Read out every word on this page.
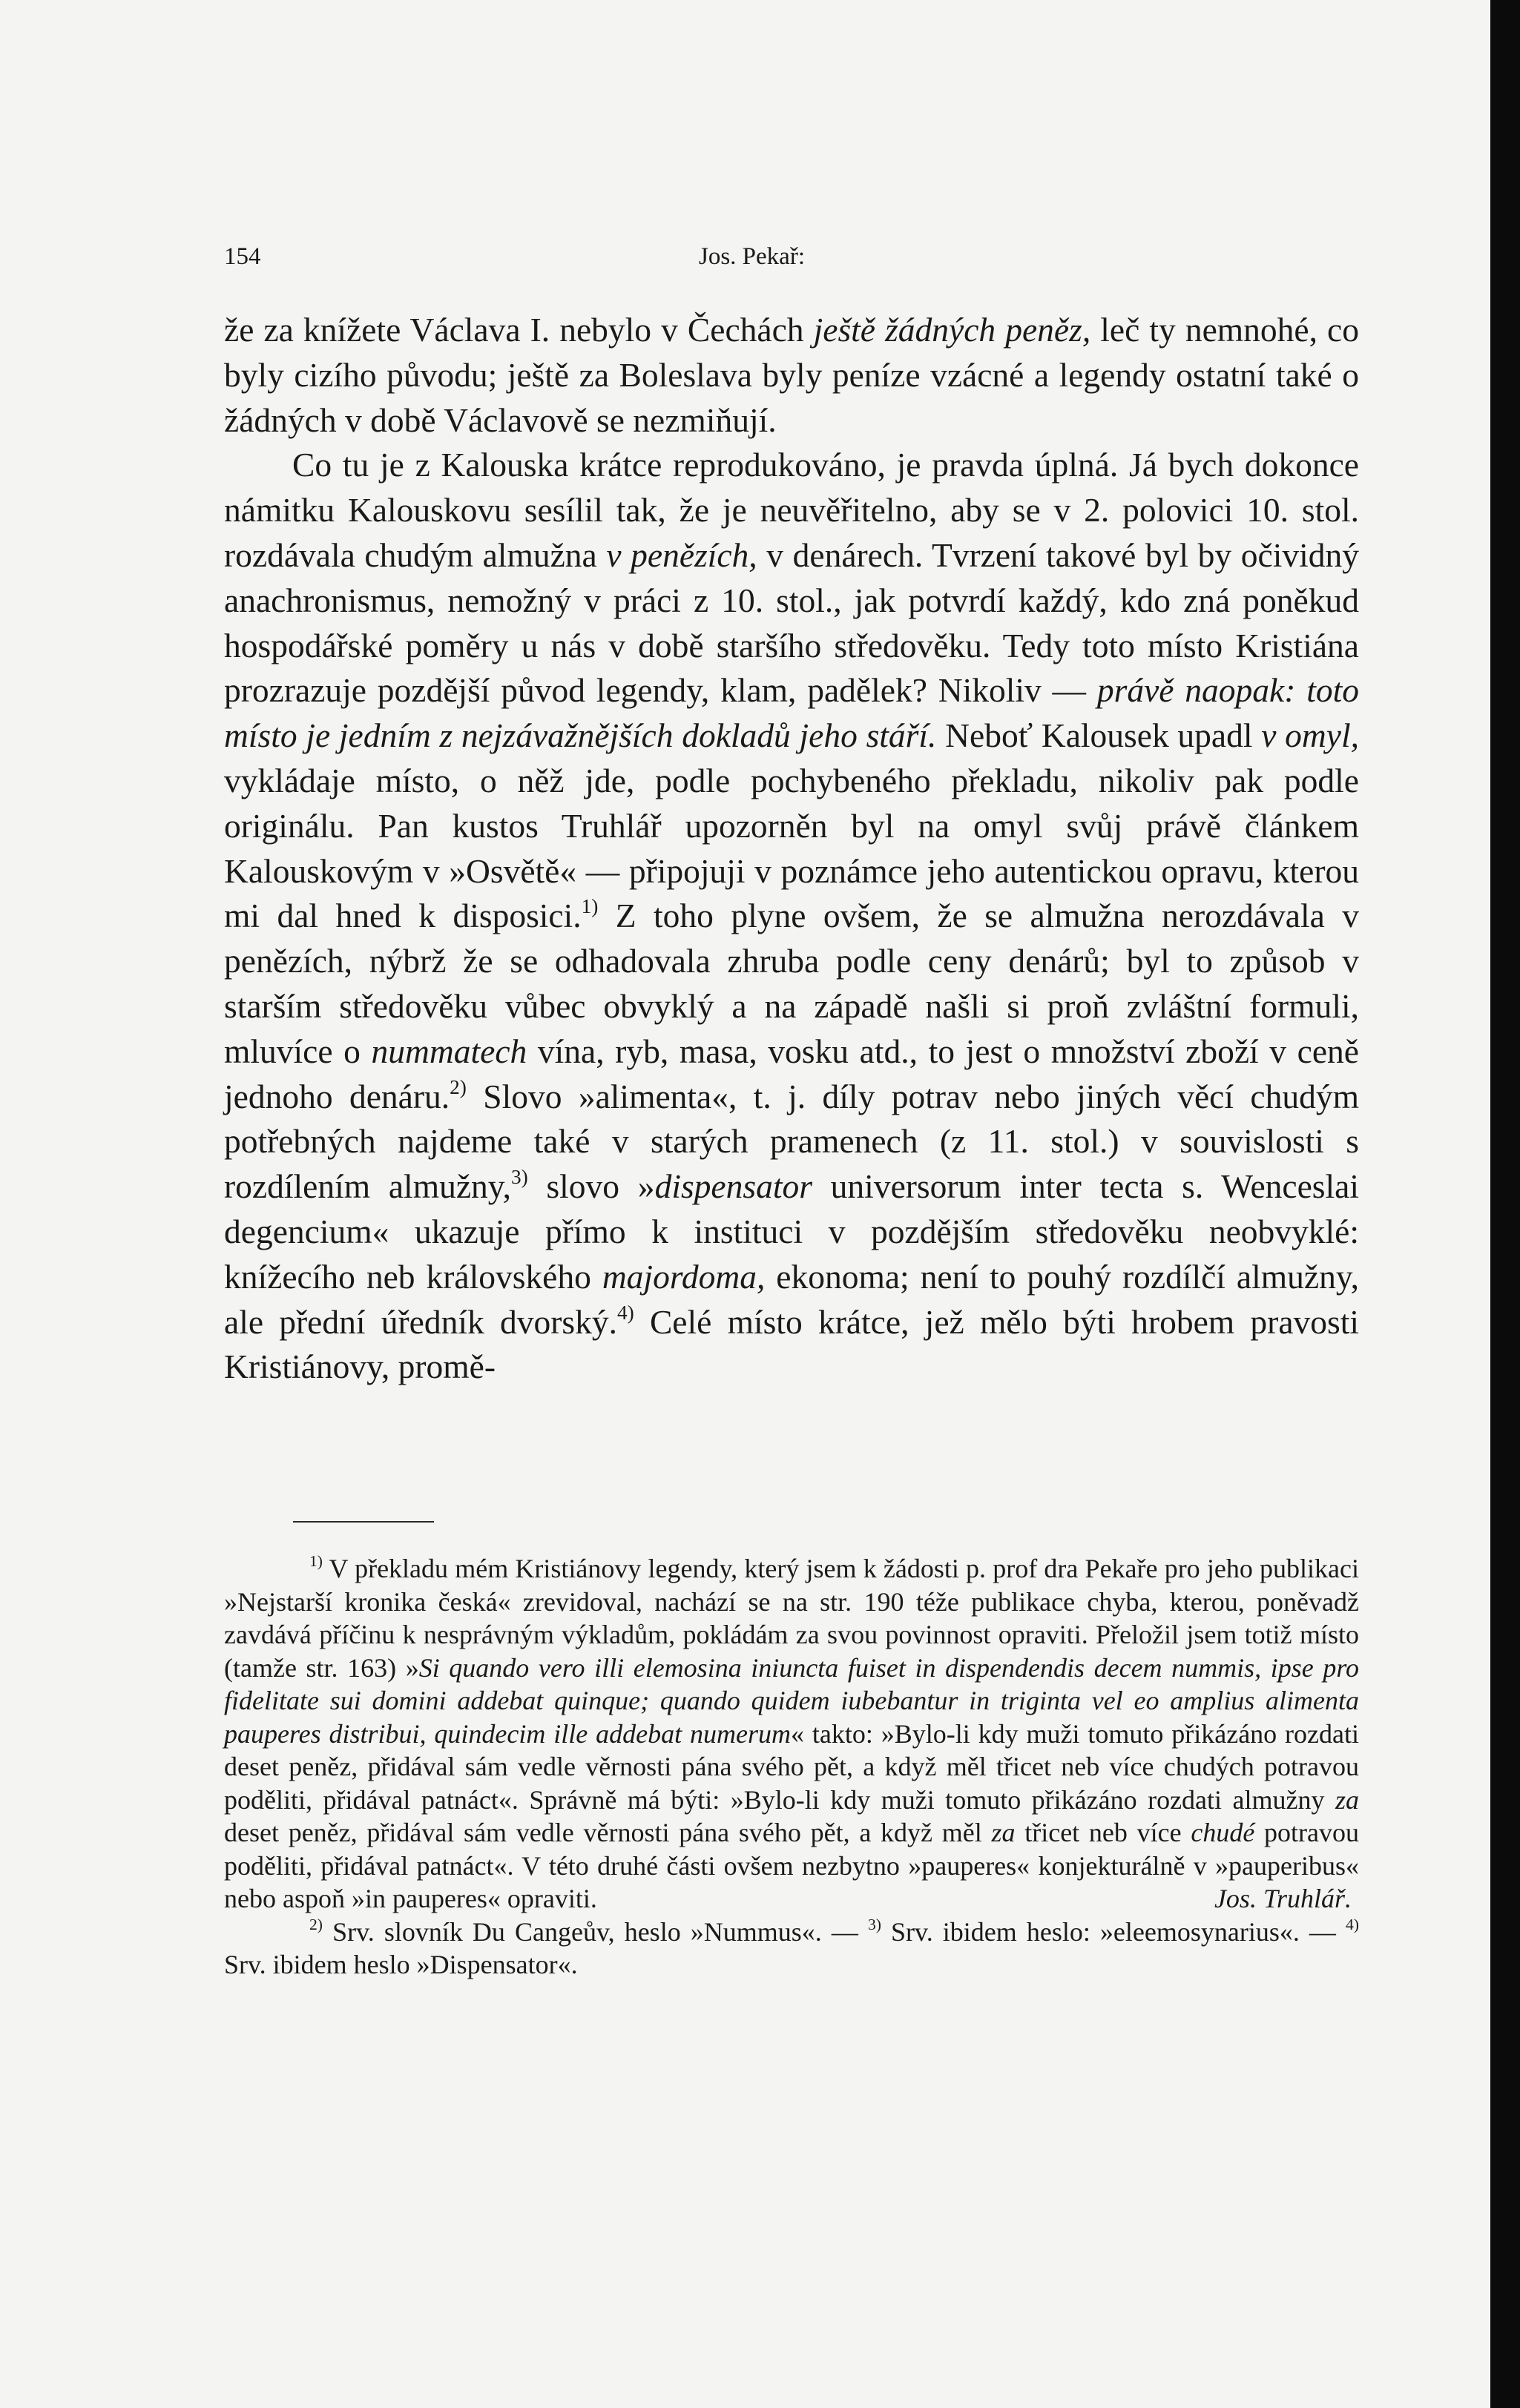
154	Jos. Pekař:

že za knížete Václava I. nebylo v Čechách ještě žádných peněz, leč ty nemnohé, co byly cizího původu; ještě za Boleslava byly peníze vzácné a legendy ostatní také o žádných v době Václavově se nezmiňují.

Co tu je z Kalouska krátce reprodukováno, je pravda úplná. Já bych dokonce námitku Kalouskovu sesílil tak, že je neuvěřitelno, aby se v 2. polovici 10. stol. rozdávala chudým almužna v penězích, v denárech. Tvrzení takové byl by očividný anachronismus, nemožný v práci z 10. stol., jak potvrdí každý, kdo zná poněkud hospodářské poměry u nás v době staršího středověku. Tedy toto místo Kristiána prozrazuje pozdější původ legendy, klam, padělek? Nikoliv — právě naopak: toto místo je jedním z nejzávažnějších dokladů jeho stáří. Neboť Kalousek upadl v omyl, vykládaje místo, o něž jde, podle pochybeného překladu, nikoliv pak podle originálu. Pan kustos Truhlář upozorněn byl na omyl svůj právě článkem Kalouskovým v »Osvětě« — připojuji v poznámce jeho autentickou opravu, kterou mi dal hned k disposici.$^{1)}$ Z toho plyne ovšem, že se almužna nerozdávala v penězích, nýbrž že se odhadovala zhruba podle ceny denárů; byl to způsob v starším středověku vůbec obvyklý a na západě našli si proň zvláštní formuli, mluvíce o nummatech vína, ryb, masa, vosku atd., to jest o množství zboží v ceně jednoho denáru.$^{2)}$ Slovo »alimenta«, t. j. díly potrav nebo jiných věcí chudým potřebných najdeme také v starých pramenech (z 11. stol.) v souvislosti s rozdílením almužny,$^{3)}$ slovo »dispensator universorum inter tecta s. Wenceslai degencium« ukazuje přímo k instituci v pozdějším středověku neobvyklé: knížecího neb královského majordoma, ekonoma; není to pouhý rozdílčí almužny, ale přední úředník dvorský.$^{4)}$ Celé místo krátce, jež mělo býti hrobem pravosti Kristiánovy, promě-

$^{1)}$ V překladu mém Kristiánovy legendy, který jsem k žádosti p. prof dra Pekaře pro jeho publikaci »Nejstarší kronika česká« zrevidoval, nachází se na str. 190 téže publikace chyba, kterou, poněvadž zavdává příčinu k nesprávným výkladům, pokládám za svou povinnost opraviti. Přeložil jsem totiž místo (tamže str. 163) »Si quando vero illi elemosina iniuncta fuiset in dispendendis decem nummis, ipse pro fidelitate sui domini addebat quinque; quando quidem iubebantur in triginta vel eo amplius alimenta pauperes distribui, quindecim ille addebat numerum« takto: »Bylo-li kdy muži tomuto přikázáno rozdati deset peněz, přidával sám vedle věrnosti pána svého pět, a když měl třicet neb více chudých potravou poděliti, přidával patnáct«. Správně má býti: »Bylo-li kdy muži tomuto přikázáno rozdati almužny za deset peněz, přidával sám vedle věrnosti pána svého pět, a když měl za třicet neb více chudé potravou poděliti, přidával patnáct«. V této druhé části ovšem nezbytno »pauperes« konjekturálně v »pauperibus« nebo aspoň »in pauperes« opraviti.	Jos. Truhlář.

$^{2)}$ Srv. slovník Du Cangeův, heslo »Nummus«. — $^{3)}$ Srv. ibidem heslo: »eleemosynarius«. — $^{4)}$ Srv. ibidem heslo »Dispensator«.
